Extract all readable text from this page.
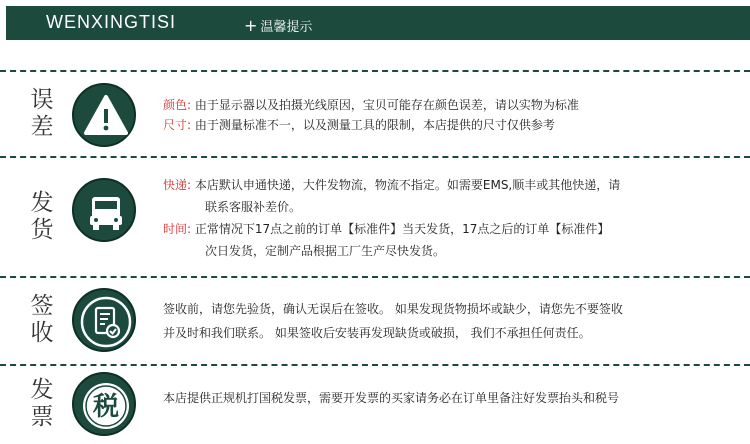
WENXINGTISI	+ 温馨提示
误
差
颜色: 由于显示器以及拍摄光线原因，宝贝可能存在颜色误差，请以实物为标准
尺寸: 由于测量标准不一，以及测量工具的限制，本店提供的尺寸仅供参考
发
货
快递: 本店默认申通快递，大件发物流，物流不指定。如需要EMS,顺丰或其他快递，请
联系客服补差价。
时间: 正常情况下17点之前的订单【标准件】当天发货，17点之后的订单【标准件】
次日发货，定制产品根据工厂生产尽快发货。
签
收
签收前，请您先验货，确认无误后在签收。 如果发现货物损坏或缺少，请您先不要签收
并及时和我们联系。 如果签收后安装再发现缺货或破损， 我们不承担任何责任。
发
票 税	本店提供正规机打国税发票，需要开发票的买家请务必在订单里备注好发票抬头和税号
